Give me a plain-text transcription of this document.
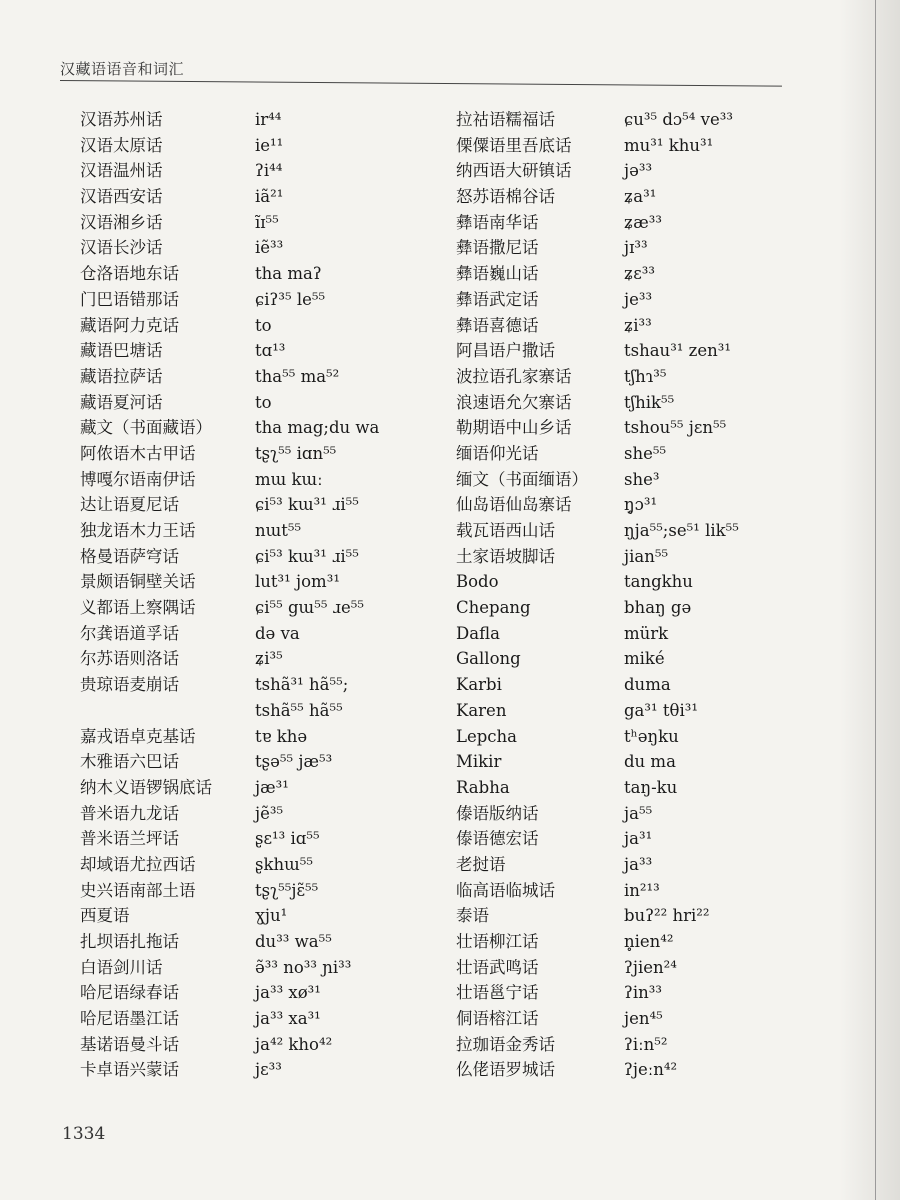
汉藏语语音和词汇
汉语苏州话	ir⁴⁴
汉语太原话	ie¹¹
汉语温州话	ʔi⁴⁴
汉语西安话	iã²¹
汉语湘乡话	ĩɪ⁵⁵
汉语长沙话	iẽ³³
仓洛语地东话	tha maʔ
门巴语错那话	ɕiʔ³⁵ le⁵⁵
藏语阿力克话	to
藏语巴塘话	tɑ¹³
藏语拉萨话	tha⁵⁵ ma⁵²
藏语夏河话	to
藏文（书面藏语）	tha mag;du wa
阿侬语木古甲话	tʂʅ⁵⁵ iɑn⁵⁵
博嘎尔语南伊话	mɯ kɯː
达让语夏尼话	ɕi⁵³ kɯ³¹ ɹi⁵⁵
独龙语木力王话	nɯt⁵⁵
格曼语萨穹话	ɕi⁵³ kɯ³¹ ɹi⁵⁵
景颇语铜壁关话	lut³¹ jom³¹
义都语上察隅话	ɕi⁵⁵ gɯ⁵⁵ ɹe⁵⁵
尔龚语道孚话	də va
尔苏语则洛话	ʑi³⁵
贵琼语麦崩话	tshã³¹ hã⁵⁵;
tshã⁵⁵ hã⁵⁵
嘉戎语卓克基话	tɐ khə
木雅语六巴话	tʂə⁵⁵ jæ⁵³
纳木义语锣锅底话	jæ³¹
普米语九龙话	jẽ³⁵
普米语兰坪话	ʂɛ¹³ iɑ⁵⁵
却域语尤拉西话	ʂkhɯ⁵⁵
史兴语南部土语	tʂʅ⁵⁵jɛ̃⁵⁵
西夏语	ɣju¹
扎坝语扎拖话	du³³ wa⁵⁵
白语剑川话	ə̃³³ no³³ ɲi³³
哈尼语绿春话	ja³³ xø³¹
哈尼语墨江话	ja³³ xa³¹
基诺语曼斗话	ja⁴² kho⁴²
卡卓语兴蒙话	jɛ³³
拉祜语糯福话	ɕu³⁵ dɔ⁵⁴ ve³³
傈僳语里吾底话	mu³¹ khu³¹
纳西语大研镇话	jə³³
怒苏语棉谷话	ʑa³¹
彝语南华话	ʑæ³³
彝语撒尼话	jɪ³³
彝语巍山话	ʑɛ³³
彝语武定话	je³³
彝语喜德话	ʑi³³
阿昌语户撒话	tshau³¹ zen³¹
波拉语孔家寨话	tʃhɿ³⁵
浪速语允欠寨话	tʃhik⁵⁵
勒期语中山乡话	tshou⁵⁵ jɛn⁵⁵
缅语仰光话	she⁵⁵
缅文（书面缅语） she³
仙岛语仙岛寨话	ŋ̥ɔ³¹
载瓦语西山话	ŋja⁵⁵;se⁵¹ lik⁵⁵
土家语坡脚话	jian⁵⁵
Bodo	tangkhu
Chepang	bhaŋ gə
Dafla	mürk
Gallong	miké
Karbi	duma
Karen	ga³¹ tθi³¹
Lepcha	tʰəŋku
Mikir	du ma
Rabha	taŋ-ku
傣语版纳话	ja⁵⁵
傣语德宏话	ja³¹
老挝语	ja³³
临高语临城话	in²¹³
泰语	buʔ²² hri²²
壮语柳江话	n̥ien⁴²
壮语武鸣话	ʔjien²⁴
壮语邕宁话	ʔin³³
侗语榕江话	jen⁴⁵
拉珈语金秀话	ʔiːn⁵²
仫佬语罗城话	ʔjeːn⁴²
1334
